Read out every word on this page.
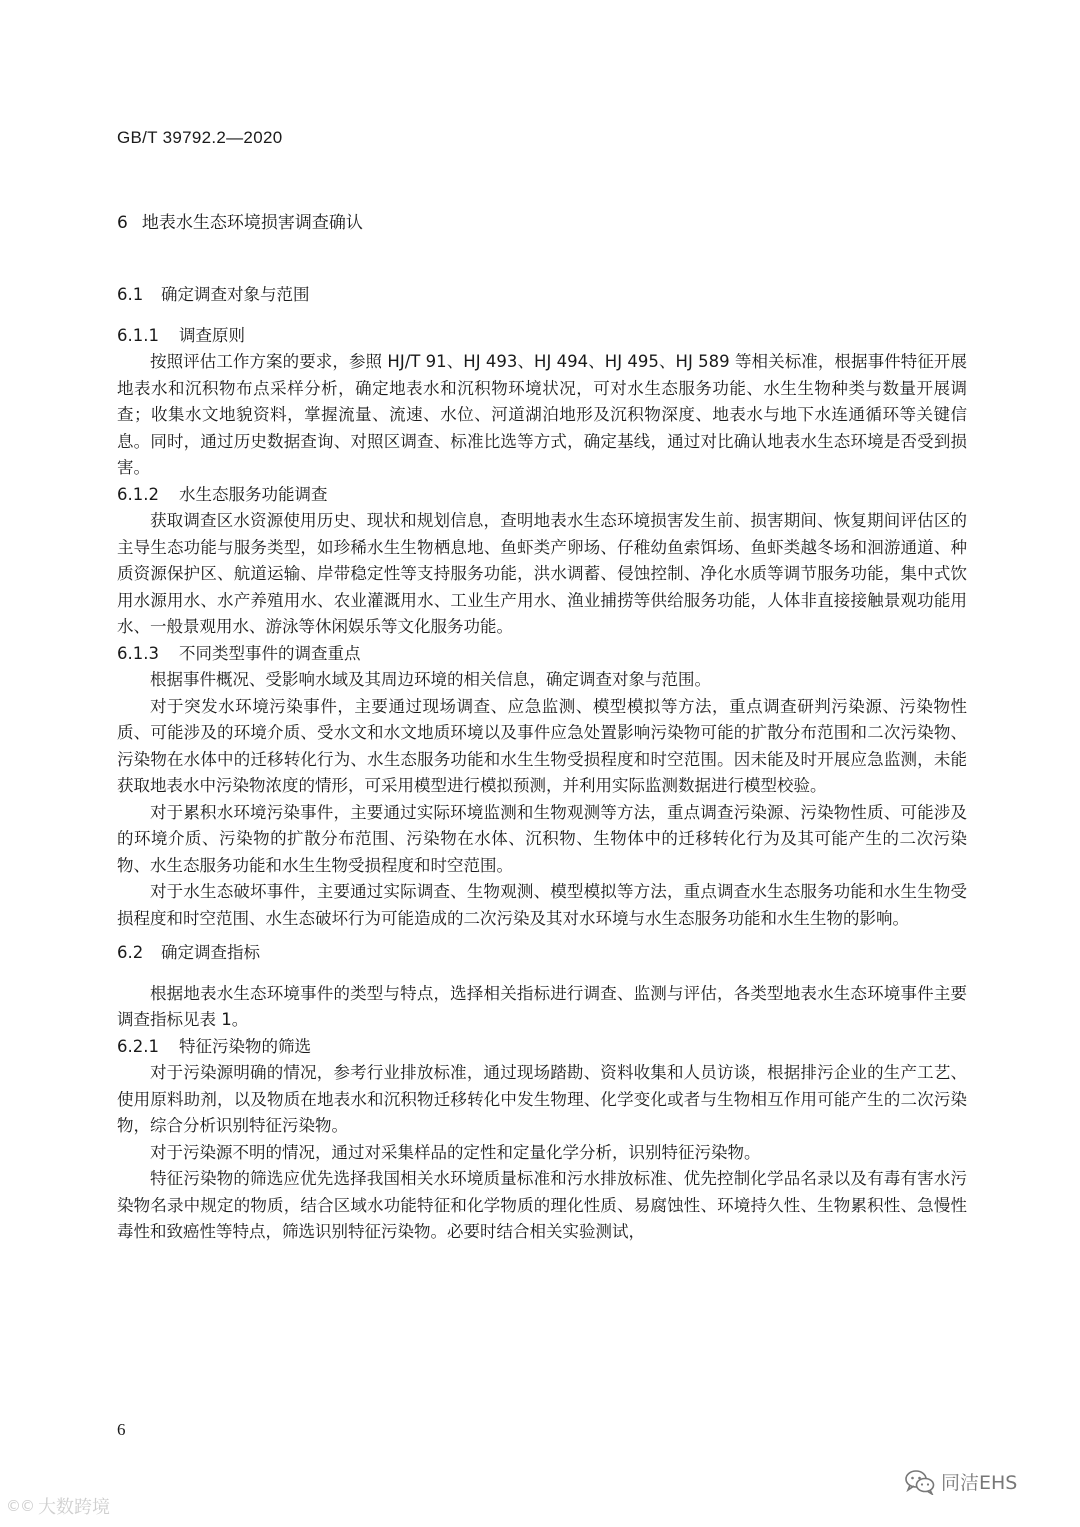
GB/T 39792.2—2020
6 地表水生态环境损害调查确认
6.1 确定调查对象与范围
6.1.1 调查原则

按照评估工作方案的要求，参照 HJ/T 91、HJ 493、HJ 494、HJ 495、HJ 589 等相关标准，根据事件特征开展地表水和沉积物布点采样分析，确定地表水和沉积物环境状况，可对水生态服务功能、水生生物种类与数量开展调查；收集水文地貌资料，掌握流量、流速、水位、河道湖泊地形及沉积物深度、地表水与地下水连通循环等关键信息。同时，通过历史数据查询、对照区调查、标准比选等方式，确定基线，通过对比确认地表水生态环境是否受到损害。

6.1.2 水生态服务功能调查

获取调查区水资源使用历史、现状和规划信息，查明地表水生态环境损害发生前、损害期间、恢复期间评估区的主导生态功能与服务类型，如珍稀水生生物栖息地、鱼虾类产卵场、仔稚幼鱼索饵场、鱼虾类越冬场和洄游通道、种质资源保护区、航道运输、岸带稳定性等支持服务功能，洪水调蓄、侵蚀控制、净化水质等调节服务功能，集中式饮用水源用水、水产养殖用水、农业灌溉用水、工业生产用水、渔业捕捞等供给服务功能，人体非直接接触景观功能用水、一般景观用水、游泳等休闲娱乐等文化服务功能。

6.1.3 不同类型事件的调查重点

根据事件概况、受影响水域及其周边环境的相关信息，确定调查对象与范围。

对于突发水环境污染事件，主要通过现场调查、应急监测、模型模拟等方法，重点调查研判污染源、污染物性质、可能涉及的环境介质、受水文和水文地质环境以及事件应急处置影响污染物可能的扩散分布范围和二次污染物、污染物在水体中的迁移转化行为、水生态服务功能和水生生物受损程度和时空范围。因未能及时开展应急监测，未能获取地表水中污染物浓度的情形，可采用模型进行模拟预测，并利用实际监测数据进行模型校验。

对于累积水环境污染事件，主要通过实际环境监测和生物观测等方法，重点调查污染源、污染物性质、可能涉及的环境介质、污染物的扩散分布范围、污染物在水体、沉积物、生物体中的迁移转化行为及其可能产生的二次污染物、水生态服务功能和水生生物受损程度和时空范围。

对于水生态破坏事件，主要通过实际调查、生物观测、模型模拟等方法，重点调查水生态服务功能和水生生物受损程度和时空范围、水生态破坏行为可能造成的二次污染及其对水环境与水生态服务功能和水生生物的影响。

6.2 确定调查指标

根据地表水生态环境事件的类型与特点，选择相关指标进行调查、监测与评估，各类型地表水生态环境事件主要调查指标见表 1。

6.2.1 特征污染物的筛选

对于污染源明确的情况，参考行业排放标准，通过现场踏勘、资料收集和人员访谈，根据排污企业的生产工艺、使用原料助剂，以及物质在地表水和沉积物迁移转化中发生物理、化学变化或者与生物相互作用可能产生的二次污染物，综合分析识别特征污染物。

对于污染源不明的情况，通过对采集样品的定性和定量化学分析，识别特征污染物。

特征污染物的筛选应优先选择我国相关水环境质量标准和污水排放标准、优先控制化学品名录以及有毒有害水污染物名录中规定的物质，结合区域水功能特征和化学物质的理化性质、易腐蚀性、环境持久性、生物累积性、急慢性毒性和致癌性等特点，筛选识别特征污染物。必要时结合相关实验测试，

6
©© 大数跨境
同洁EHS
